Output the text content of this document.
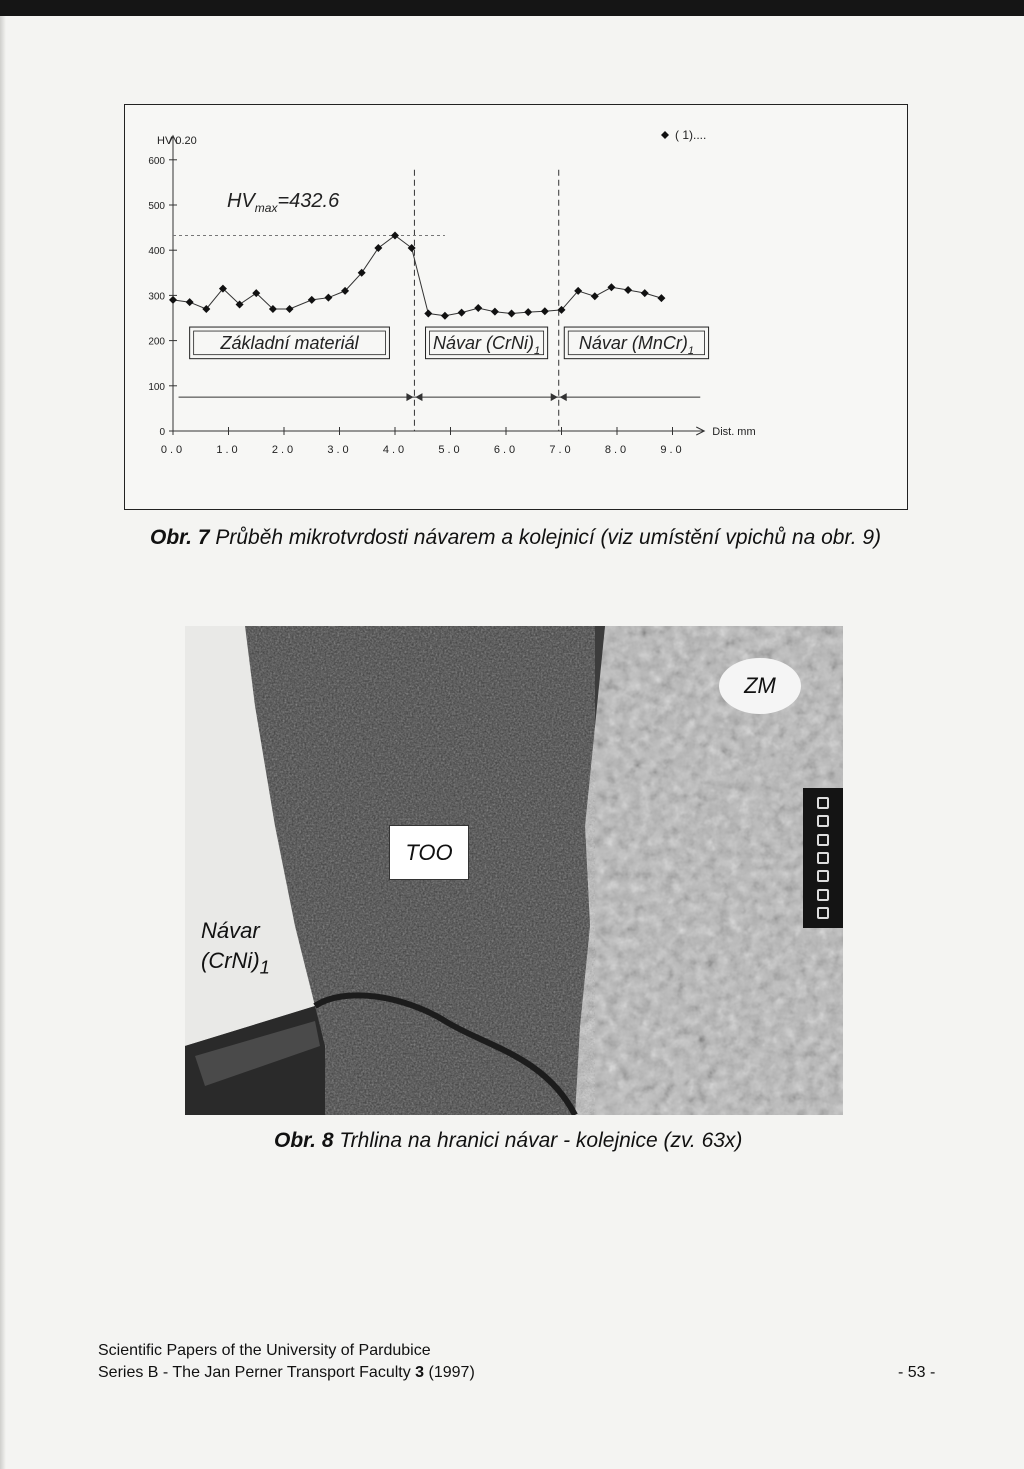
0
100
200
300
400
500
600
0.0	1.0	2.0	3.0	4.0	5.0	6.0	7.0	8.0	9.0
HV 0.20
Dist. mm
( 1)....
$HV_{max}=432.6$
Základní materiál	Návar $(CrNi)_1$ Návar $(MnCr)_1$
Obr. 7 Průběh mikrotvrdosti návarem a kolejnicí (viz umístění vpichů na obr. 9)
TOO
ZM
Návar
$(CrNi)_1$
Obr. 8 Trhlina na hranici návar - kolejnice (zv. 63x)
Scientific Papers of the University of Pardubice
Series B - The Jan Perner Transport Faculty 3 (1997)	- 53 -
